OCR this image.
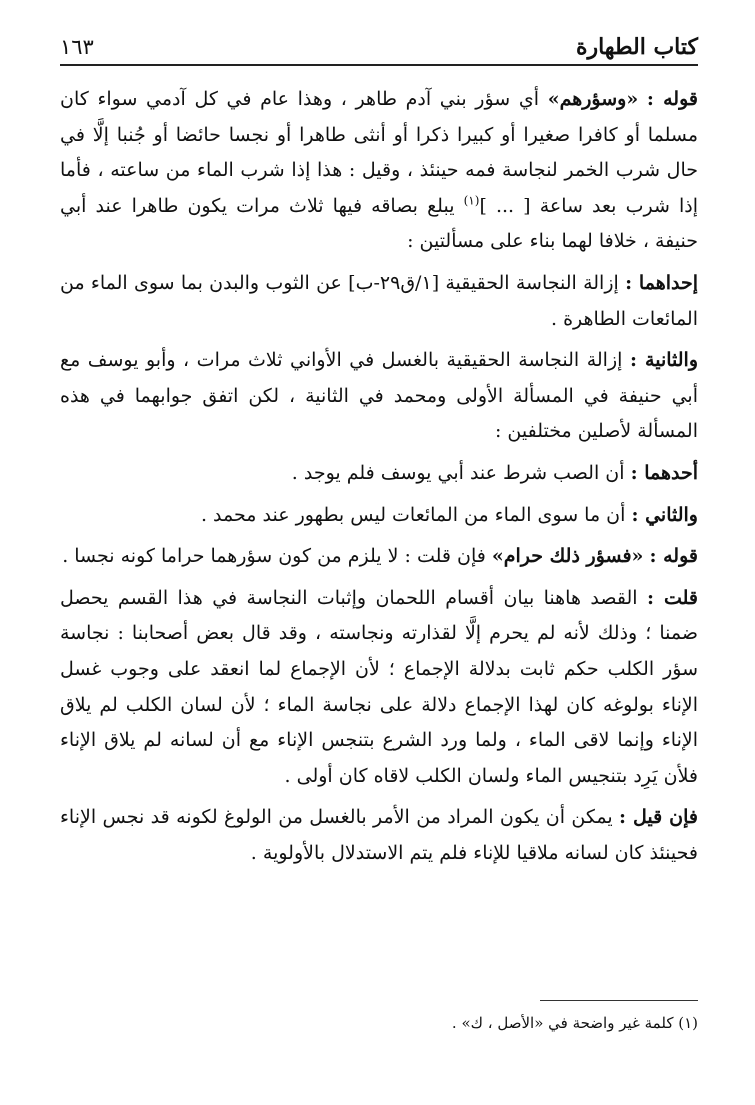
كتاب الطهارة
١٦٣

قوله : «وسؤرهم» أي سؤر بني آدم طاهر ، وهذا عام في كل آدمي سواء كان مسلما أو كافرا صغيرا أو كبيرا ذكرا أو أنثى طاهرا أو نجسا حائضا أو جُنبا إلَّا في حال شرب الخمر لنجاسة فمه حينئذ ، وقيل : هذا إذا شرب الماء من ساعته ، فأما إذا شرب بعد ساعة [ ... ]$^{(١)}$ يبلع بصاقه فيها ثلاث مرات يكون طاهرا عند أبي حنيفة ، خلافا لهما بناء على مسألتين :

إحداهما : إزالة النجاسة الحقيقية [١/ق٢٩-ب] عن الثوب والبدن بما سوى الماء من المائعات الطاهرة .

والثانية : إزالة النجاسة الحقيقية بالغسل في الأواني ثلاث مرات ، وأبو يوسف مع أبي حنيفة في المسألة الأولى ومحمد في الثانية ، لكن اتفق جوابهما في هذه المسألة لأصلين مختلفين :

أحدهما : أن الصب شرط عند أبي يوسف فلم يوجد .

والثاني : أن ما سوى الماء من المائعات ليس بطهور عند محمد .

قوله : «فسؤر ذلك حرام» فإن قلت : لا يلزم من كون سؤرهما حراما كونه نجسا .

قلت : القصد هاهنا بيان أقسام اللحمان وإثبات النجاسة في هذا القسم يحصل ضمنا ؛ وذلك لأنه لم يحرم إلَّا لقذارته ونجاسته ، وقد قال بعض أصحابنا : نجاسة سؤر الكلب حكم ثابت بدلالة الإجماع ؛ لأن الإجماع لما انعقد على وجوب غسل الإناء بولوغه كان لهذا الإجماع دلالة على نجاسة الماء ؛ لأن لسان الكلب لم يلاق الإناء وإنما لاقى الماء ، ولما ورد الشرع بتنجس الإناء مع أن لسانه لم يلاق الإناء فلأن يَرِد بتنجيس الماء ولسان الكلب لاقاه كان أولى .

فإن قيل : يمكن أن يكون المراد من الأمر بالغسل من الولوغ لكونه قد نجس الإناء فحينئذ كان لسانه ملاقيا للإناء فلم يتم الاستدلال بالأولوية .

(١) كلمة غير واضحة في «الأصل ، ك» .
